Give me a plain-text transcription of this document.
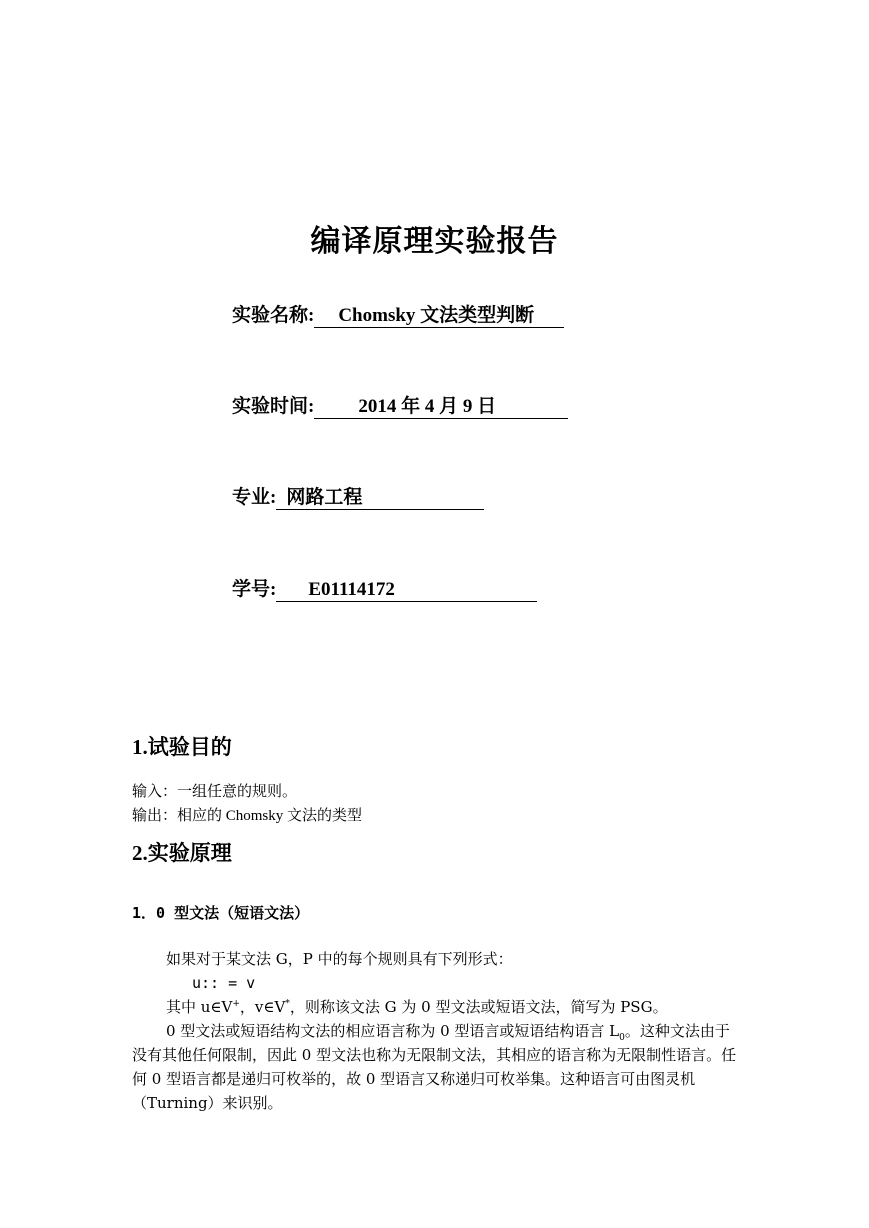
编译原理实验报告
实验名称: Chomsky 文法类型判断
实验时间: 2014 年 4 月 9 日
专业: 网路工程
学号: E01114172
1.试验目的
输入：一组任意的规则。
输出：相应的 Chomsky 文法的类型
2.实验原理
1．0 型文法（短语文法）

如果对于某文法 G，P 中的每个规则具有下列形式：

u:: = v

其中 u∈V+，v∈V*，则称该文法 G 为 0 型文法或短语文法，简写为 PSG。

0 型文法或短语结构文法的相应语言称为 0 型语言或短语结构语言 $L_0$。这种文法由于没有其他任何限制，因此 0 型文法也称为无限制文法，其相应的语言称为无限制性语言。任何 0 型语言都是递归可枚举的，故 0 型语言又称递归可枚举集。这种语言可由图灵机（Turning）来识别。
